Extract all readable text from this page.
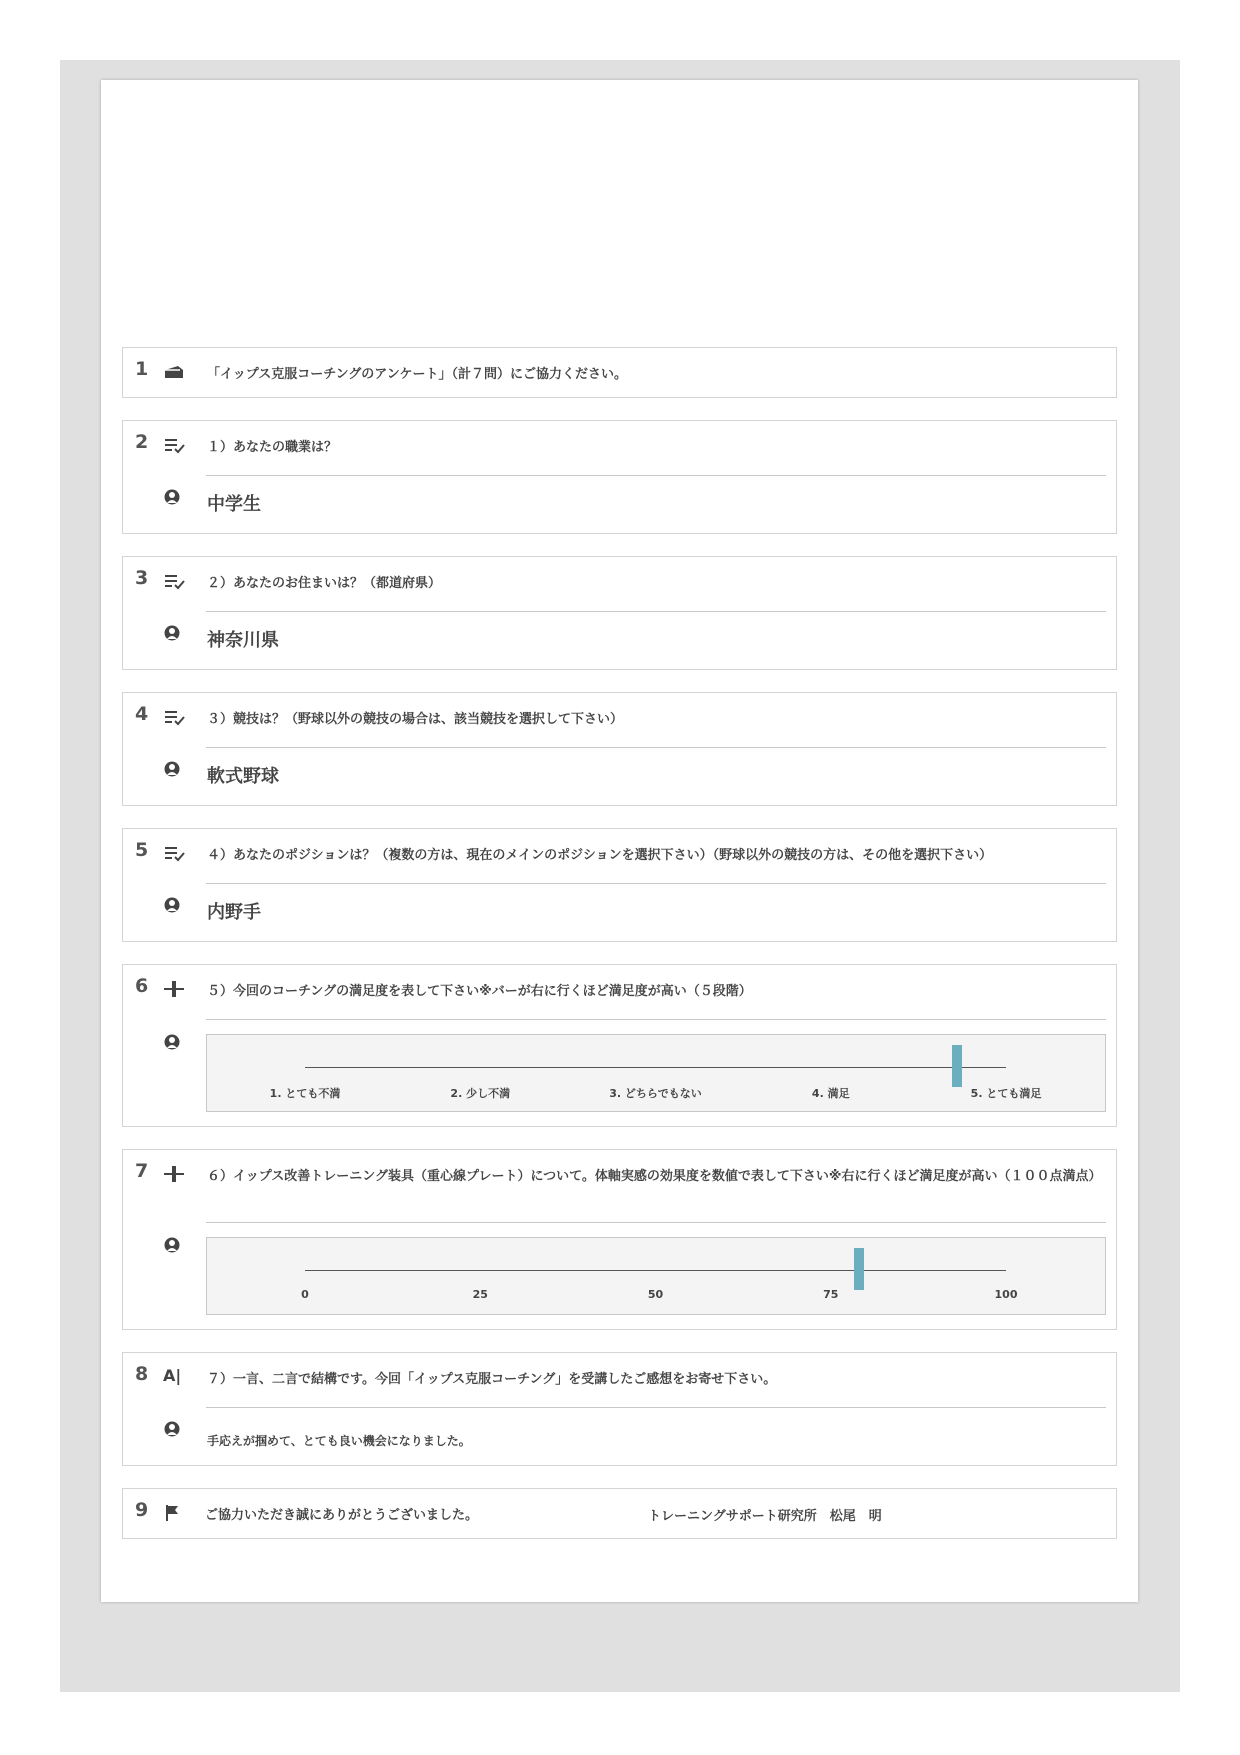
1	「イップス克服コーチングのアンケート」（計７問）にご協力ください。
2	１）あなたの職業は？
中学生
3	２）あなたのお住まいは？（都道府県）
神奈川県
4	３）競技は？（野球以外の競技の場合は、該当競技を選択して下さい）
軟式野球
5	４）あなたのポジションは？（複数の方は、現在のメインのポジションを選択下さい）（野球以外の競技の方は、その他を選択下さい）
内野手
6	５）今回のコーチングの満足度を表して下さい※バーが右に行くほど満足度が高い（５段階）
1. とても不満	2. 少し不満	3. どちらでもない	4. 満足	5. とても満足
7	６）イップス改善トレーニング装具（重心線プレート）について。体軸実感の効果度を数値で表して下さい※右に行くほど満足度が高い（１００点満点）
0	25	50	75	100
8 A| ７）一言、二言で結構です。今回「イップス克服コーチング」を受講したご感想をお寄せ下さい。
手応えが掴めて、とても良い機会になりました。
9	ご協力いただき誠にありがとうございました。	トレーニングサポート研究所　松尾　明
